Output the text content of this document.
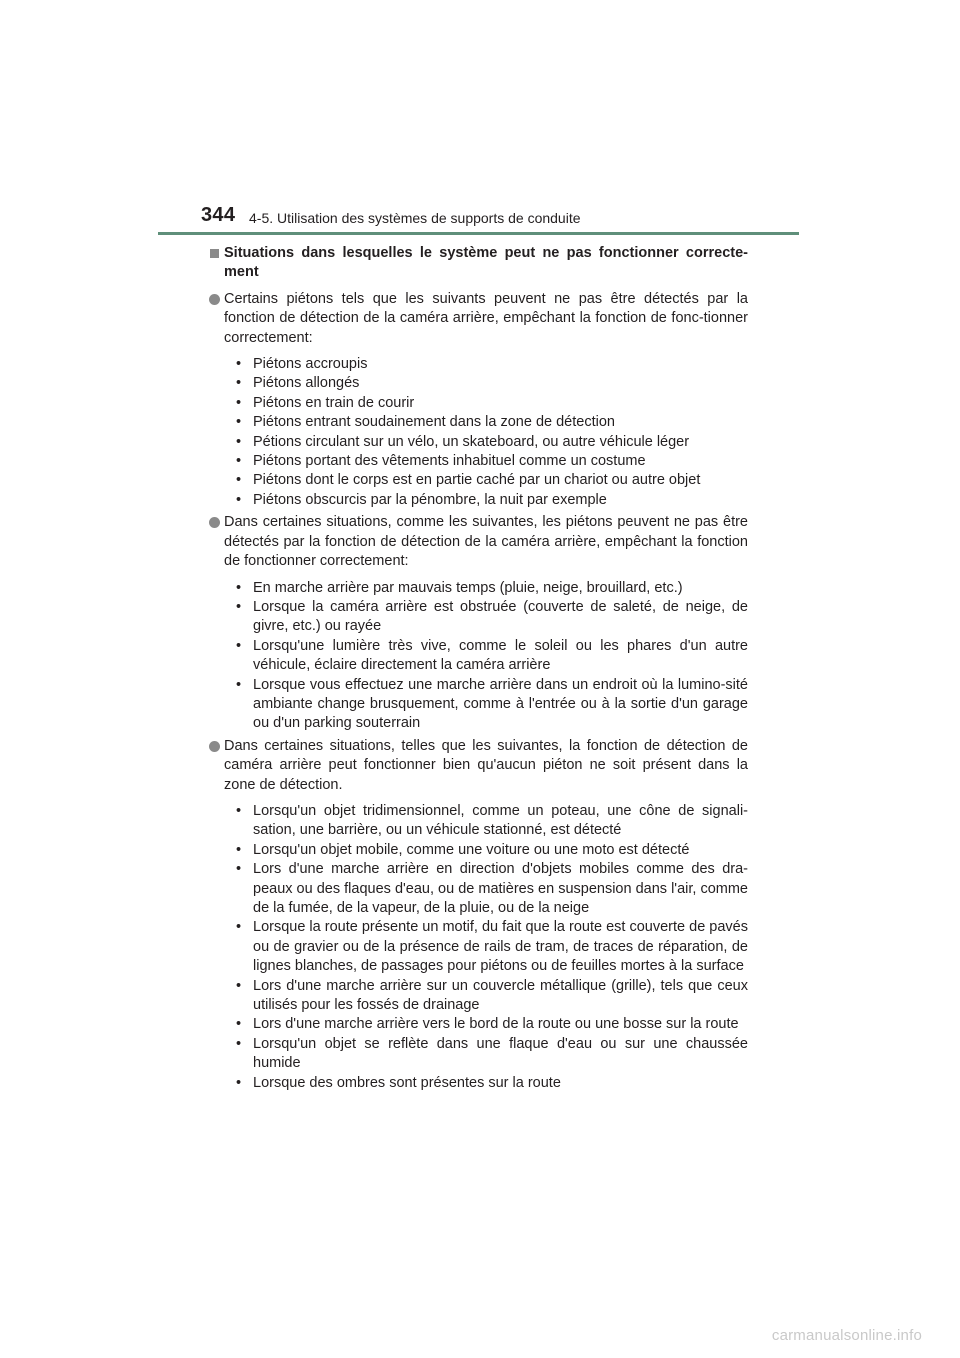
344 4-5. Utilisation des systèmes de supports de conduite
Situations dans lesquelles le système peut ne pas fonctionner correcte-ment
Certains piétons tels que les suivants peuvent ne pas être détectés par la fonction de détection de la caméra arrière, empêchant la fonction de fonc-tionner correctement:
• Piétons accroupis
• Piétons allongés
• Piétons en train de courir
• Piétons entrant soudainement dans la zone de détection
• Pétions circulant sur un vélo, un skateboard, ou autre véhicule léger
• Piétons portant des vêtements inhabituel comme un costume
• Piétons dont le corps est en partie caché par un chariot ou autre objet
• Piétons obscurcis par la pénombre, la nuit par exemple
Dans certaines situations, comme les suivantes, les piétons peuvent ne pas être détectés par la fonction de détection de la caméra arrière, empêchant la fonction de fonctionner correctement:
• En marche arrière par mauvais temps (pluie, neige, brouillard, etc.)
• Lorsque la caméra arrière est obstruée (couverte de saleté, de neige, de givre, etc.) ou rayée
• Lorsqu'une lumière très vive, comme le soleil ou les phares d'un autre véhicule, éclaire directement la caméra arrière
• Lorsque vous effectuez une marche arrière dans un endroit où la lumino-sité ambiante change brusquement, comme à l'entrée ou à la sortie d'un garage ou d'un parking souterrain
Dans certaines situations, telles que les suivantes, la fonction de détection de caméra arrière peut fonctionner bien qu'aucun piéton ne soit présent dans la zone de détection.
• Lorsqu'un objet tridimensionnel, comme un poteau, une cône de signali-sation, une barrière, ou un véhicule stationné, est détecté
• Lorsqu'un objet mobile, comme une voiture ou une moto est détecté
• Lors d'une marche arrière en direction d'objets mobiles comme des dra-peaux ou des flaques d'eau, ou de matières en suspension dans l'air, comme de la fumée, de la vapeur, de la pluie, ou de la neige
• Lorsque la route présente un motif, du fait que la route est couverte de pavés ou de gravier ou de la présence de rails de tram, de traces de réparation, de lignes blanches, de passages pour piétons ou de feuilles mortes à la surface
• Lors d'une marche arrière sur un couvercle métallique (grille), tels que ceux utilisés pour les fossés de drainage
• Lors d'une marche arrière vers le bord de la route ou une bosse sur la route
• Lorsqu'un objet se reflète dans une flaque d'eau ou sur une chaussée humide
• Lorsque des ombres sont présentes sur la route
carmanualsonline.info
